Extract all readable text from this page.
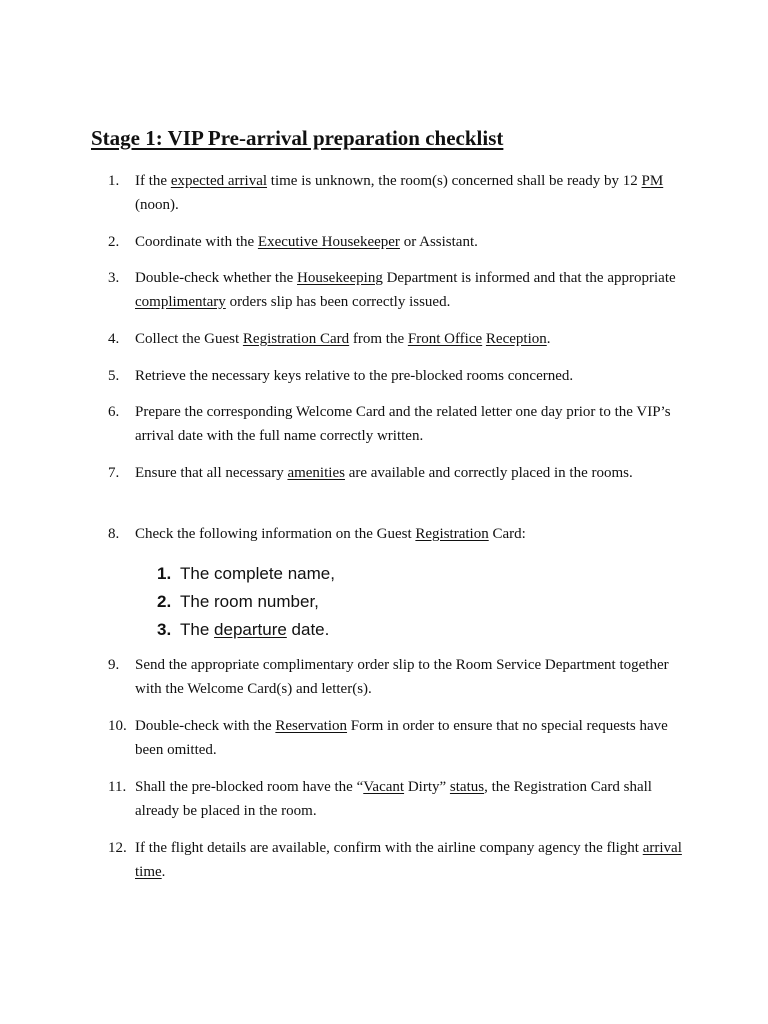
Stage 1: VIP Pre-arrival preparation checklist
1. If the expected arrival time is unknown, the room(s) concerned shall be ready by 12 PM (noon).
2. Coordinate with the Executive Housekeeper or Assistant.
3. Double-check whether the Housekeeping Department is informed and that the appropriate complimentary orders slip has been correctly issued.
4. Collect the Guest Registration Card from the Front Office Reception.
5. Retrieve the necessary keys relative to the pre-blocked rooms concerned.
6. Prepare the corresponding Welcome Card and the related letter one day prior to the VIP’s arrival date with the full name correctly written.
7. Ensure that all necessary amenities are available and correctly placed in the rooms.
8. Check the following information on the Guest Registration Card:
9. Send the appropriate complimentary order slip to the Room Service Department together with the Welcome Card(s) and letter(s).
10. Double-check with the Reservation Form in order to ensure that no special requests have been omitted.
11. Shall the pre-blocked room have the “Vacant Dirty” status, the Registration Card shall already be placed in the room.
12. If the flight details are available, confirm with the airline company agency the flight arrival time.
1. The complete name,
2. The room number,
3. The departure date.
